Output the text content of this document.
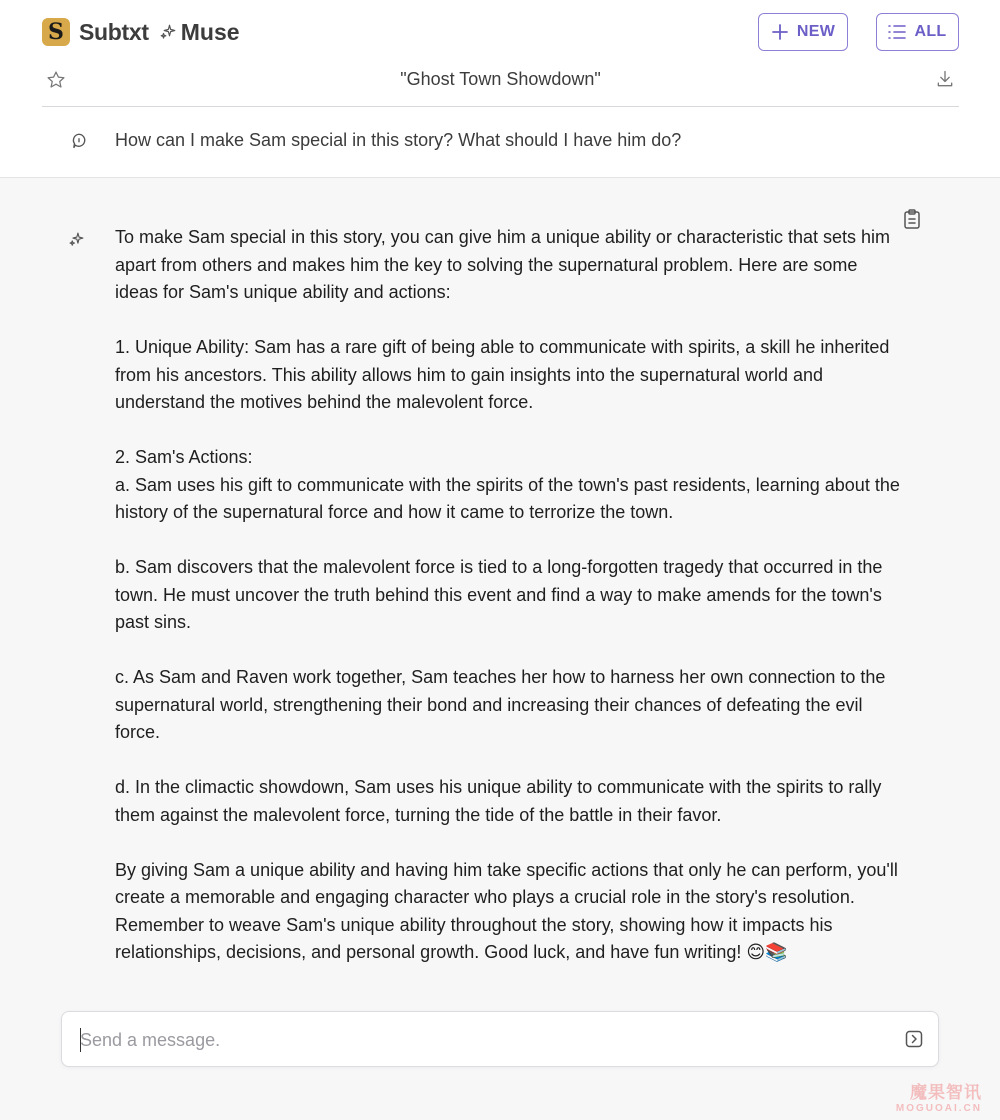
S Subtxt Muse	NEW	ALL
"Ghost Town Showdown"
How can I make Sam special in this story? What should I have him do?

To make Sam special in this story, you can give him a unique ability or characteristic that sets him apart from others and makes him the key to solving the supernatural problem. Here are some ideas for Sam's unique ability and actions:

1. Unique Ability: Sam has a rare gift of being able to communicate with spirits, a skill he inherited from his ancestors. This ability allows him to gain insights into the supernatural world and understand the motives behind the malevolent force.

2. Sam's Actions:
a. Sam uses his gift to communicate with the spirits of the town's past residents, learning about the history of the supernatural force and how it came to terrorize the town.

b. Sam discovers that the malevolent force is tied to a long-forgotten tragedy that occurred in the town. He must uncover the truth behind this event and find a way to make amends for the town's past sins.

c. As Sam and Raven work together, Sam teaches her how to harness her own connection to the supernatural world, strengthening their bond and increasing their chances of defeating the evil force.

d. In the climactic showdown, Sam uses his unique ability to communicate with the spirits to rally them against the malevolent force, turning the tide of the battle in their favor.

By giving Sam a unique ability and having him take specific actions that only he can perform, you'll create a memorable and engaging character who plays a crucial role in the story's resolution. Remember to weave Sam's unique ability throughout the story, showing how it impacts his relationships, decisions, and personal growth. Good luck, and have fun writing! 😊📚

Send a message.
魔果智讯
MOGUOAI.CN
